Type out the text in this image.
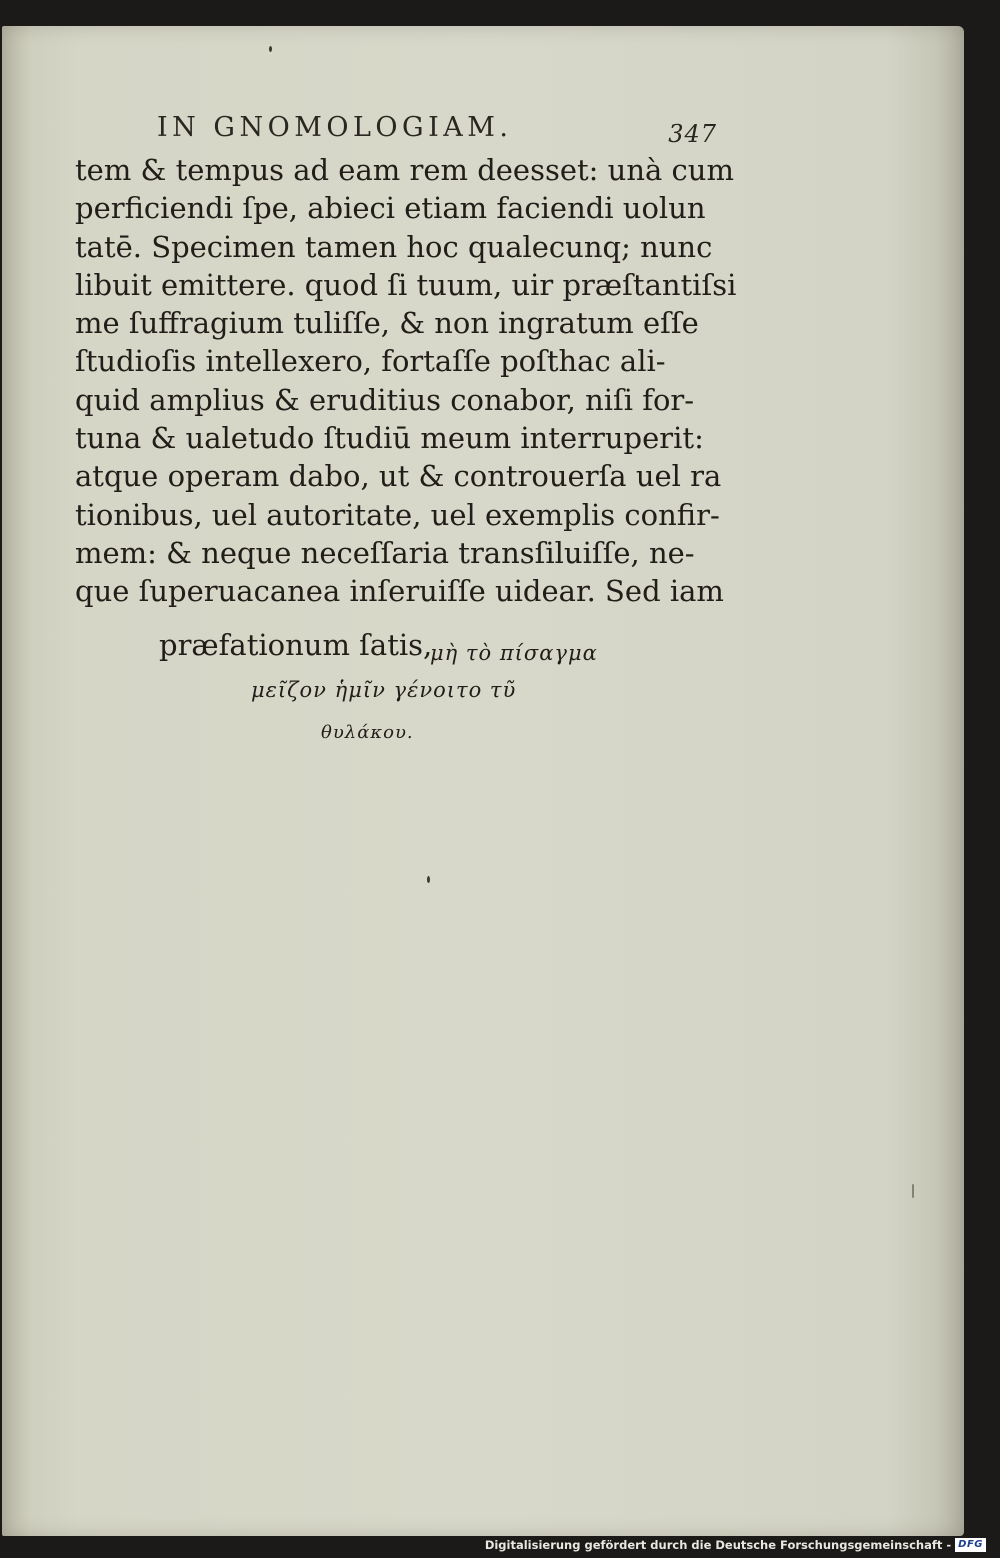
IN GNOMOLOGIAM.	347
tem & tempus ad eam rem deesset: unà cum
perficiendi ſpe, abieci etiam faciendi uolun
tatē. Specimen tamen hoc qualecunq; nunc
libuit emittere. quod ſi tuum, uir præſtantiſsi
me ſuffragium tuliſſe, & non ingratum eſſe
ſtudioſis intellexero, fortaſſe poſthac ali-
quid amplius & eruditius conabor, niſi for-
tuna & ualetudo ſtudiū meum interruperit:
atque operam dabo, ut & controuerſa uel ra
tionibus, uel autoritate, uel exemplis confir-
mem: & neque neceſſaria transſiluiſſe, ne-
que ſuperuacanea inſeruiſſe uidear. Sed iam
præfationum ſatis,
μὴ τὸ πίσαγμα
μεῖζον ἡμῖν γένοιτο τῦ
θυλάκου.
Digitalisierung gefördert durch die Deutsche Forschungsgemeinschaft - DFG
